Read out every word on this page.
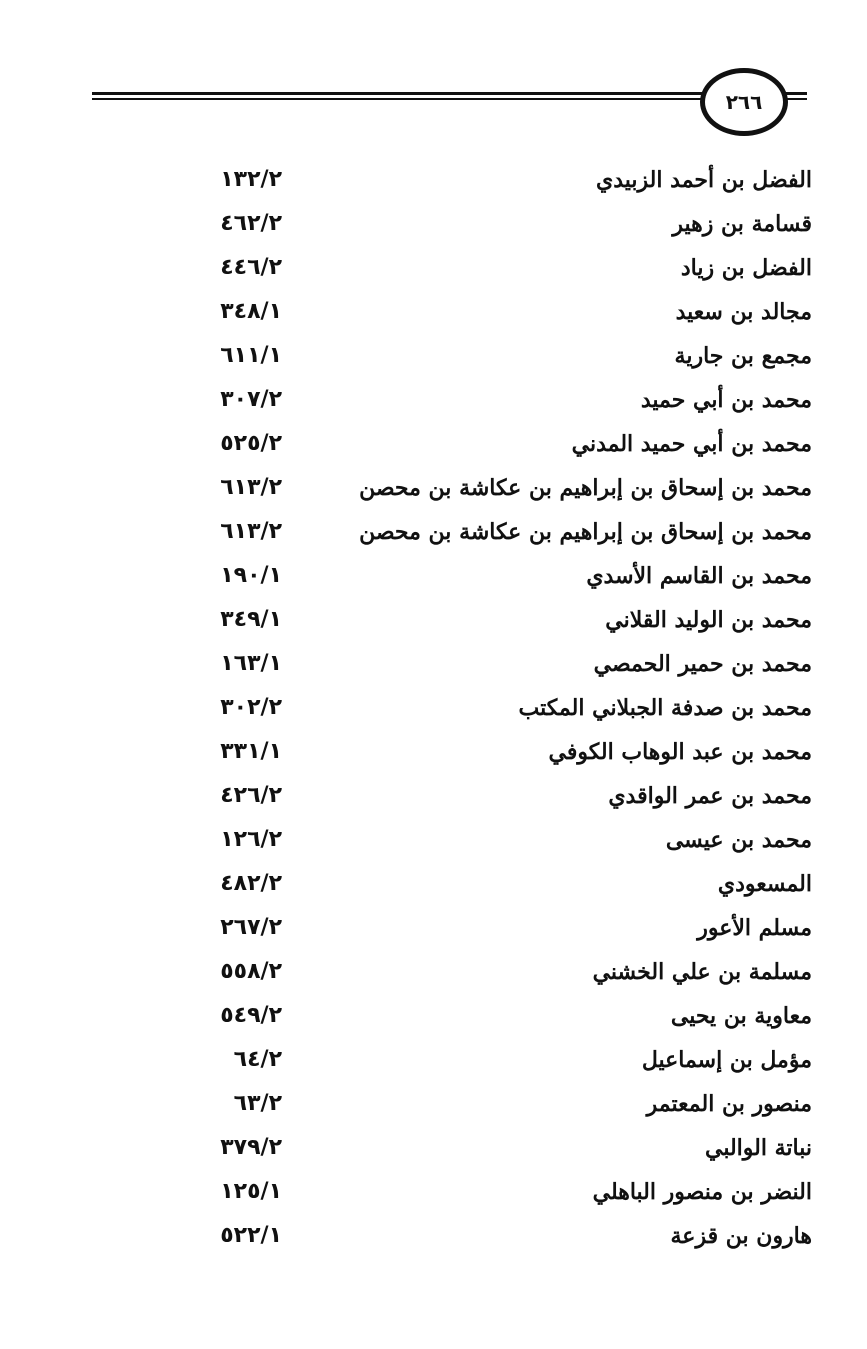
٢٦٦
الفضل بن أحمد الزبيدي
١٣٢/٢
قسامة بن زهير
٤٦٢/٢
الفضل بن زياد
٤٤٦/٢
مجالد بن سعيد
٣٤٨/١
مجمع بن جارية
٦١١/١
محمد بن أبي حميد
٣٠٧/٢
محمد بن أبي حميد المدني
٥٢٥/٢
محمد بن إسحاق بن إبراهيم بن عكاشة بن محصن
٦١٣/٢
محمد بن إسحاق بن إبراهيم بن عكاشة بن محصن
٦١٣/٢
محمد بن القاسم الأسدي
١٩٠/١
محمد بن الوليد القلاني
٣٤٩/١
محمد بن حمير الحمصي
١٦٣/١
محمد بن صدفة الجبلاني المكتب
٣٠٢/٢
محمد بن عبد الوهاب الكوفي
٣٣١/١
محمد بن عمر الواقدي
٤٢٦/٢
محمد بن عيسى
١٢٦/٢
المسعودي
٤٨٢/٢
مسلم الأعور
٢٦٧/٢
مسلمة بن علي الخشني
٥٥٨/٢
معاوية بن يحيى
٥٤٩/٢
مؤمل بن إسماعيل
٦٤/٢
منصور بن المعتمر
٦٣/٢
نباتة الوالبي
٣٧٩/٢
النضر بن منصور الباهلي
١٢٥/١
هارون بن قزعة
٥٢٢/١
